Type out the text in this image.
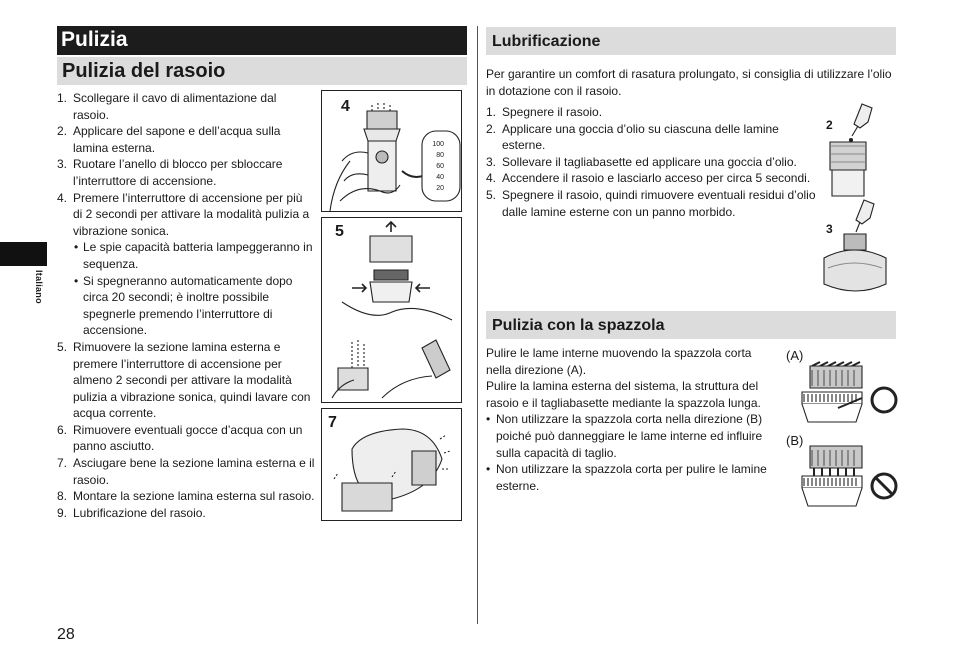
Pulizia
Pulizia del rasoio
1. Scollegare il cavo di alimentazione dal rasoio.
2. Applicare del sapone e dell’acqua sulla lamina esterna.
3. Ruotare l’anello di blocco per sbloccare l’interruttore di accensione.
4. Premere l’interruttore di accensione per più di 2 secondi per attivare la modalità pulizia a vibrazione sonica.
• Le spie capacità batteria lampeggeranno in sequenza.
• Si spegneranno automaticamente dopo circa 20 secondi; è inoltre possibile spegnerle premendo l’interruttore di accensione.
5. Rimuovere la sezione lamina esterna e premere l’interruttore di accensione per almeno 2 secondi per attivare la modalità pulizia a vibrazione sonica, quindi lavare con acqua corrente.
6. Rimuovere eventuali gocce d’acqua con un panno asciutto.
7. Asciugare bene la sezione lamina esterna e il rasoio.
8. Montare la sezione lamina esterna sul rasoio.
9. Lubrificazione del rasoio.
Italiano
28
4
100
80
60
40
20
5
7
Lubrificazione
Per garantire un comfort di rasatura prolungato, si consiglia di utilizzare l’olio in dotazione con il rasoio.
1. Spegnere il rasoio.
2. Applicare una goccia d’olio su ciascuna delle lamine esterne.
3. Sollevare il tagliabasette ed applicare una goccia d’olio.
4. Accendere il rasoio e lasciarlo acceso per circa 5 secondi.
5. Spegnere il rasoio, quindi rimuovere eventuali residui d’olio dalle lamine esterne con un panno morbido.
2
3
Pulizia con la spazzola
Pulire le lame interne muovendo la spazzola corta nella direzione (A).
Pulire la lamina esterna del sistema, la struttura del rasoio e il tagliabasette mediante la spazzola lunga.
• Non utilizzare la spazzola corta nella direzione (B) poiché può danneggiare le lame interne ed influire sulla capacità di taglio.
• Non utilizzare la spazzola corta per pulire le lamine esterne.
(A)
(B)
